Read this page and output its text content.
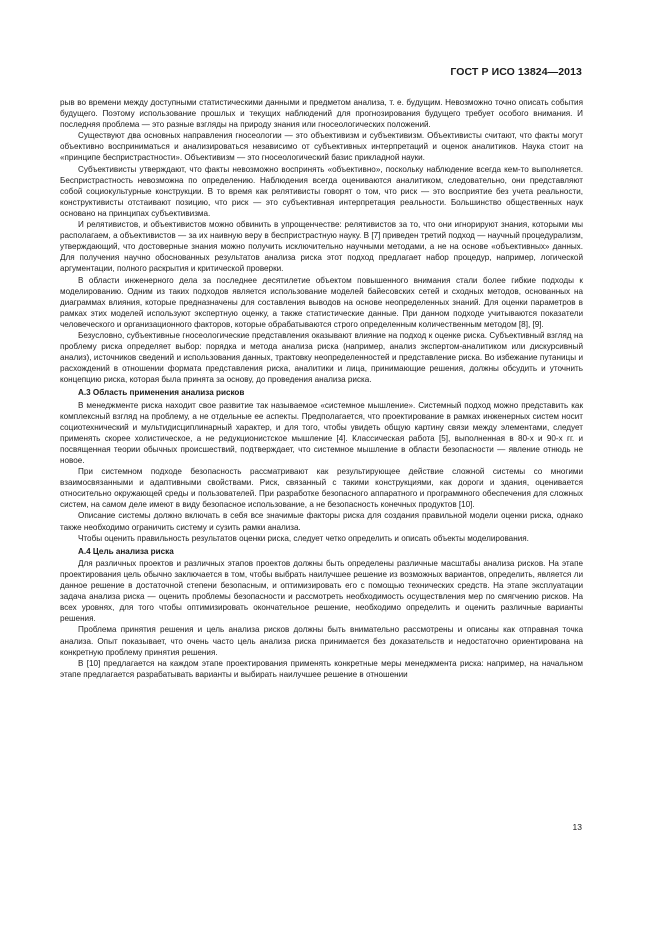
ГОСТ Р ИСО 13824—2013

рыв во времени между доступными статистическими данными и предметом анализа, т. е. будущим. Невозможно точно описать события будущего. Поэтому использование прошлых и текущих наблюдений для прогнозирования будущего требует особого внимания. И последняя проблема — это разные взгляды на природу знания или гносеологических положений.

Существуют два основных направления гносеологии — это объективизм и субъективизм. Объективисты считают, что факты могут объективно восприниматься и анализироваться независимо от субъективных интерпретаций и оценок аналитиков. Наука стоит на «принципе беспристрастности». Объективизм — это гносеологический базис прикладной науки.

Субъективисты утверждают, что факты невозможно воспринять «объективно», поскольку наблюдение всегда кем-то выполняется. Беспристрастность невозможна по определению. Наблюдения всегда оцениваются аналитиком, следовательно, они представляют собой социокультурные конструкции. В то время как релятивисты говорят о том, что риск — это восприятие без учета реальности, конструктивисты отстаивают позицию, что риск — это субъективная интерпретация реальности. Большинство общественных наук основано на принципах субъективизма.

И релятивистов, и объективистов можно обвинить в упрощенчестве: релятивистов за то, что они игнорируют знания, которыми мы располагаем, а объективистов — за их наивную веру в беспристрастную науку. В [7] приведен третий подход — научный процедурализм, утверждающий, что достоверные знания можно получить исключительно научными методами, а не на основе «объективных» данных. Для получения научно обоснованных результатов анализа риска этот подход предлагает набор процедур, например, логической аргументации, полного раскрытия и критической проверки.

В области инженерного дела за последнее десятилетие объектом повышенного внимания стали более гибкие подходы к моделированию. Одним из таких подходов является использование моделей байесовских сетей и сходных методов, основанных на диаграммах влияния, которые предназначены для составления выводов на основе неопределенных знаний. Для оценки параметров в рамках этих моделей используют экспертную оценку, а также статистические данные. При данном подходе учитываются показатели человеческого и организационного факторов, которые обрабатываются строго определенным количественным методом [8], [9].

Безусловно, субъективные гносеологические представления оказывают влияние на подход к оценке риска. Субъективный взгляд на проблему риска определяет выбор: порядка и метода анализа риска (например, анализ экспертом-аналитиком или дискурсивный анализ), источников сведений и использования данных, трактовку неопределенностей и представление риска. Во избежание путаницы и расхождений в отношении формата представления риска, аналитики и лица, принимающие решения, должны обсудить и уточнить концепцию риска, которая была принята за основу, до проведения анализа риска.

А.3 Область применения анализа рисков

В менеджменте риска находит свое развитие так называемое «системное мышление». Системный подход можно представить как комплексный взгляд на проблему, а не отдельные ее аспекты. Предполагается, что проектирование в рамках инженерных систем носит социотехнический и мультидисциплинарный характер, и для того, чтобы увидеть общую картину связи между элементами, следует применять скорее холистическое, а не редукционистское мышление [4]. Классическая работа [5], выполненная в 80-х и 90-х гг. и посвященная теории обычных происшествий, подтверждает, что системное мышление в области безопасности — явление отнюдь не новое.

При системном подходе безопасность рассматривают как результирующее действие сложной системы со многими взаимосвязанными и адаптивными свойствами. Риск, связанный с такими конструкциями, как дороги и здания, оценивается относительно окружающей среды и пользователей. При разработке безопасного аппаратного и программного обеспечения для сложных систем, на самом деле имеют в виду безопасное использование, а не безопасность конечных продуктов [10].

Описание системы должно включать в себя все значимые факторы риска для создания правильной модели оценки риска, однако также необходимо ограничить систему и сузить рамки анализа.

Чтобы оценить правильность результатов оценки риска, следует четко определить и описать объекты моделирования.

А.4 Цель анализа риска

Для различных проектов и различных этапов проектов должны быть определены различные масштабы анализа рисков. На этапе проектирования цель обычно заключается в том, чтобы выбрать наилучшее решение из возможных вариантов, определить, является ли данное решение в достаточной степени безопасным, и оптимизировать его с помощью технических средств. На этапе эксплуатации задача анализа риска — оценить проблемы безопасности и рассмотреть необходимость осуществления мер по смягчению рисков. На всех уровнях, для того чтобы оптимизировать окончательное решение, необходимо определить и оценить различные варианты решения.

Проблема принятия решения и цель анализа рисков должны быть внимательно рассмотрены и описаны как отправная точка анализа. Опыт показывает, что очень часто цель анализа риска принимается без доказательств и недостаточно ориентирована на конкретную проблему принятия решения.

В [10] предлагается на каждом этапе проектирования применять конкретные меры менеджмента риска: например, на начальном этапе предлагается разрабатывать варианты и выбирать наилучшее решение в отношении

13
